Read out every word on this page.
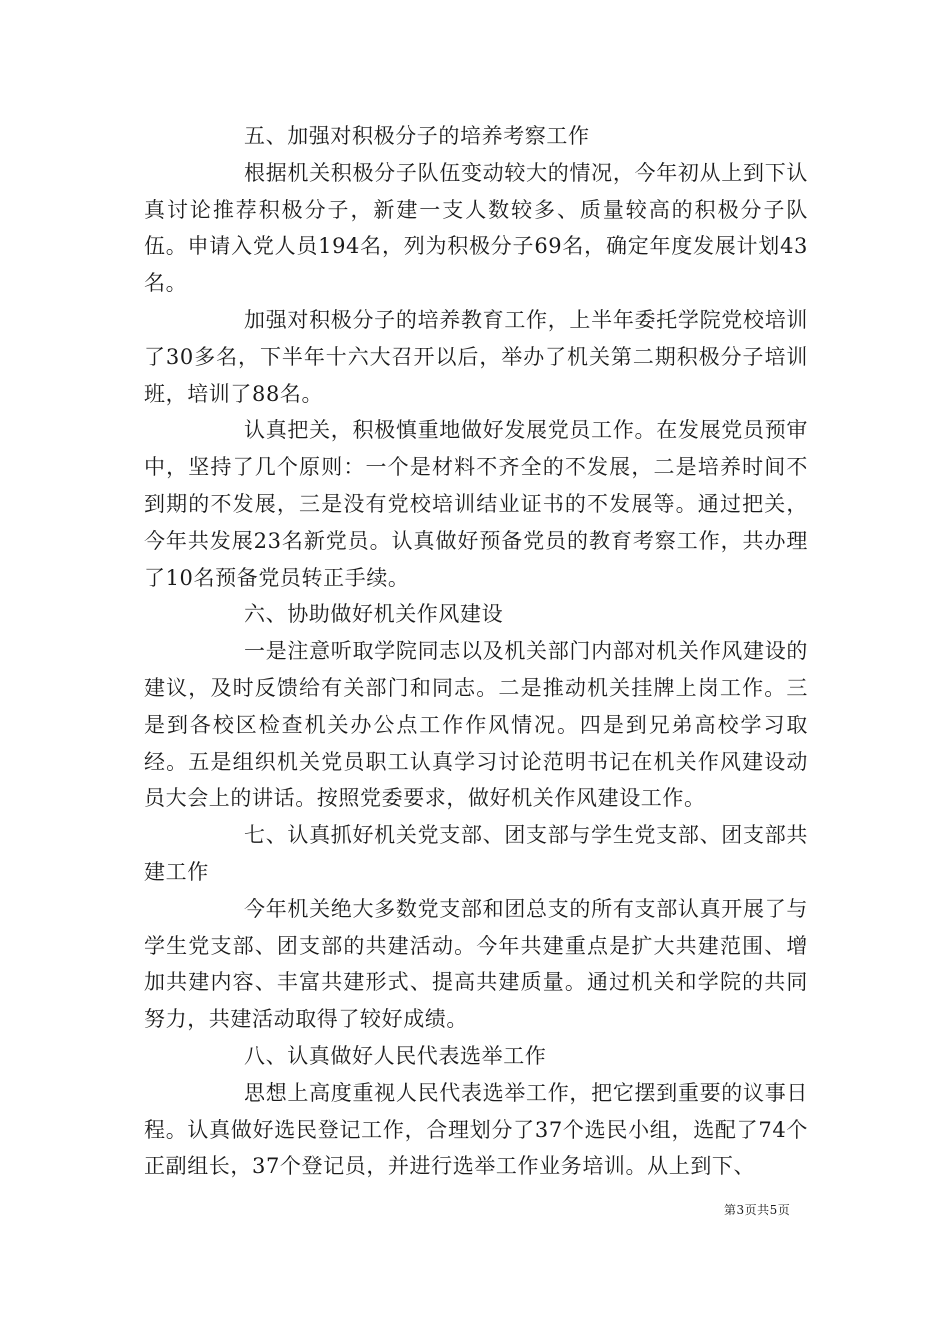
五、加强对积极分子的培养考察工作

根据机关积极分子队伍变动较大的情况，今年初从上到下认真讨论推荐积极分子，新建一支人数较多、质量较高的积极分子队伍。申请入党人员194名，列为积极分子69名，确定年度发展计划43名。

加强对积极分子的培养教育工作，上半年委托学院党校培训了30多名，下半年十六大召开以后，举办了机关第二期积极分子培训班，培训了88名。

认真把关，积极慎重地做好发展党员工作。在发展党员预审中，坚持了几个原则：一个是材料不齐全的不发展，二是培养时间不到期的不发展，三是没有党校培训结业证书的不发展等。通过把关，今年共发展23名新党员。认真做好预备党员的教育考察工作，共办理了10名预备党员转正手续。

六、协助做好机关作风建设

一是注意听取学院同志以及机关部门内部对机关作风建设的建议，及时反馈给有关部门和同志。二是推动机关挂牌上岗工作。三是到各校区检查机关办公点工作作风情况。四是到兄弟高校学习取经。五是组织机关党员职工认真学习讨论范明书记在机关作风建设动员大会上的讲话。按照党委要求，做好机关作风建设工作。

七、认真抓好机关党支部、团支部与学生党支部、团支部共建工作

今年机关绝大多数党支部和团总支的所有支部认真开展了与学生党支部、团支部的共建活动。今年共建重点是扩大共建范围、增加共建内容、丰富共建形式、提高共建质量。通过机关和学院的共同努力，共建活动取得了较好成绩。

八、认真做好人民代表选举工作

思想上高度重视人民代表选举工作，把它摆到重要的议事日程。认真做好选民登记工作，合理划分了37个选民小组，选配了74个正副组长，37个登记员，并进行选举工作业务培训。从上到下、

第3页共5页
